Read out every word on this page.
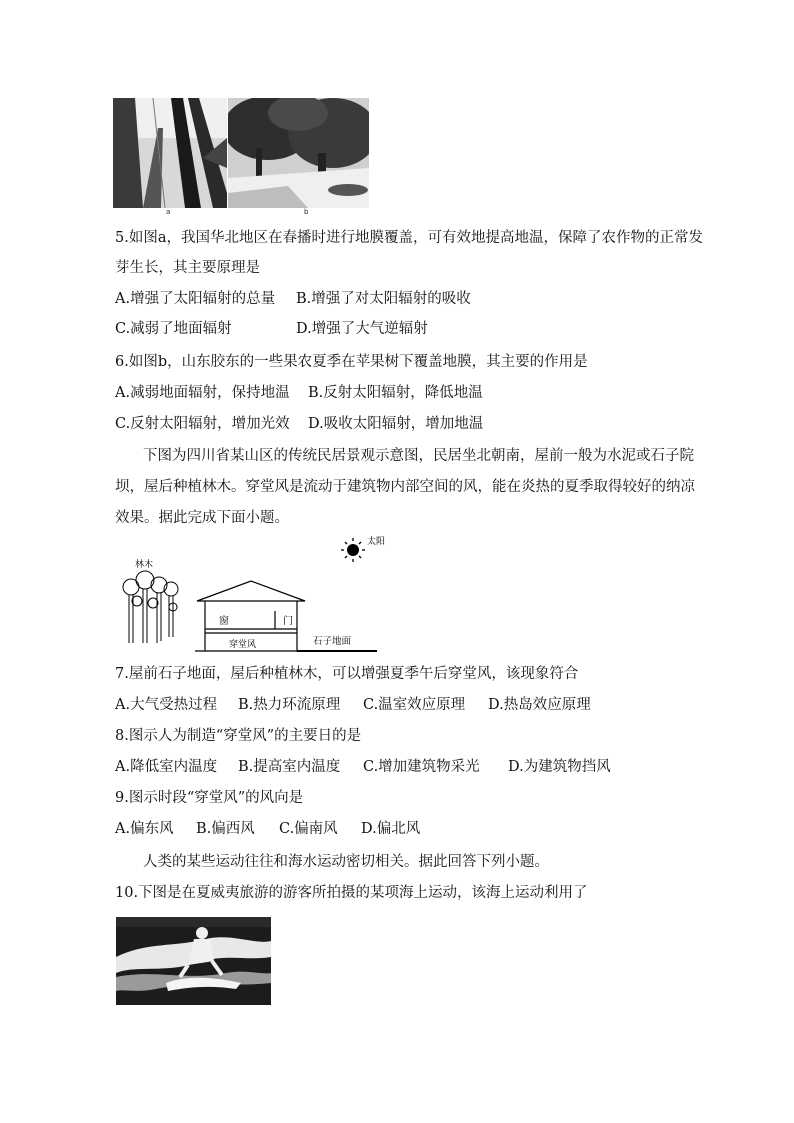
a	b
5.如图a，我国华北地区在春播时进行地膜覆盖，可有效地提高地温，保障了农作物的正常发
芽生长，其主要原理是
A.增强了太阳辐射的总量 B.增强了对太阳辐射的吸收
C.减弱了地面辐射	D.增强了大气逆辐射
6.如图b，山东胶东的一些果农夏季在苹果树下覆盖地膜，其主要的作用是
A.减弱地面辐射，保持地温 B.反射太阳辐射，降低地温
C.反射太阳辐射，增加光效 D.吸收太阳辐射，增加地温
下图为四川省某山区的传统民居景观示意图，民居坐北朝南，屋前一般为水泥或石子院
坝，屋后种植林木。穿堂风是流动于建筑物内部空间的风，能在炎热的夏季取得较好的纳凉
效果。据此完成下面小题。
太阳
林木
窗	门
穿堂风	石子地面
7.屋前石子地面，屋后种植林木，可以增强夏季午后穿堂风，该现象符合
A.大气受热过程 B.热力环流原理 C.温室效应原理 D.热岛效应原理
8.图示人为制造“穿堂风”的主要日的是
A.降低室内温度 B.提高室内温度 C.增加建筑物采光 D.为建筑物挡风
9.图示时段“穿堂风”的风向是
A.偏东风 B.偏西风 C.偏南风 D.偏北风
人类的某些运动往往和海水运动密切相关。据此回答下列小题。
10.下图是在夏威夷旅游的游客所拍摄的某项海上运动，该海上运动利用了
